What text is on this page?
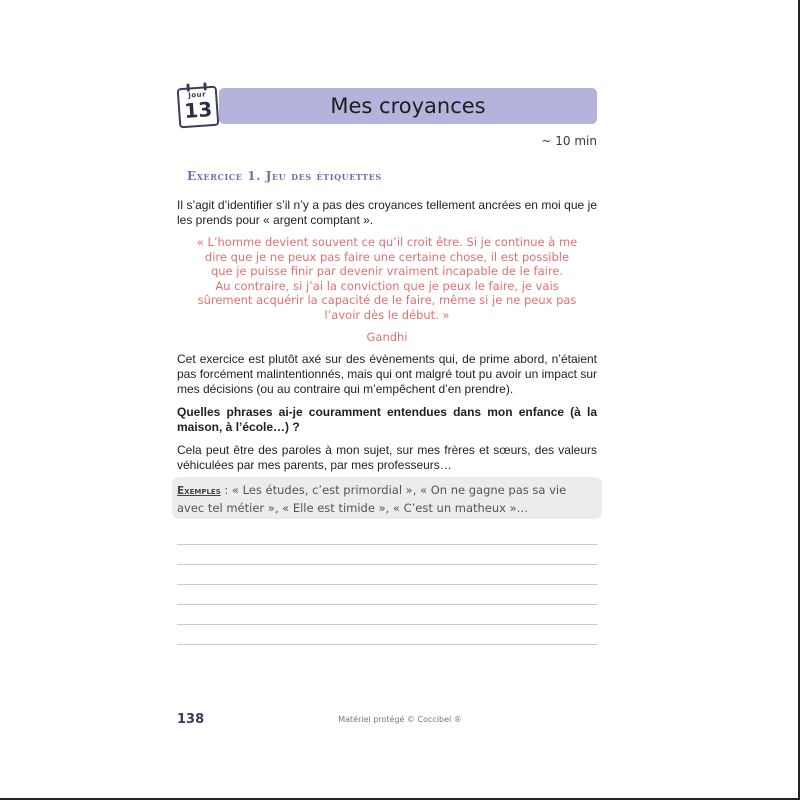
Jour
13	Mes croyances
~ 10 min
Exercice 1. Jeu des étiquettes
Il s’agit d’identifier s’il n’y a pas des croyances tellement ancrées en moi que je les prends pour « argent comptant ».
« L’homme devient souvent ce qu’il croit être. Si je continue à me
dire que je ne peux pas faire une certaine chose, il est possible
que je puisse finir par devenir vraiment incapable de le faire.
Au contraire, si j’ai la conviction que je peux le faire, je vais
sûrement acquérir la capacité de le faire, même si je ne peux pas
l’avoir dès le début. »
Gandhi
Cet exercice est plutôt axé sur des évènements qui, de prime abord, n’étaient pas forcément malintentionnés, mais qui ont malgré tout pu avoir un impact sur mes décisions (ou au contraire qui m’empêchent d’en prendre).
Quelles phrases ai-je couramment entendues dans mon enfance (à la maison, à l’école…) ?
Cela peut être des paroles à mon sujet, sur mes frères et sœurs, des valeurs véhiculées par mes parents, par mes professeurs…
Exemples : « Les études, c’est primordial », « On ne gagne pas sa vie avec tel métier », « Elle est timide », « C’est un matheux »…
138	Matériel protégé © Coccibel ®
